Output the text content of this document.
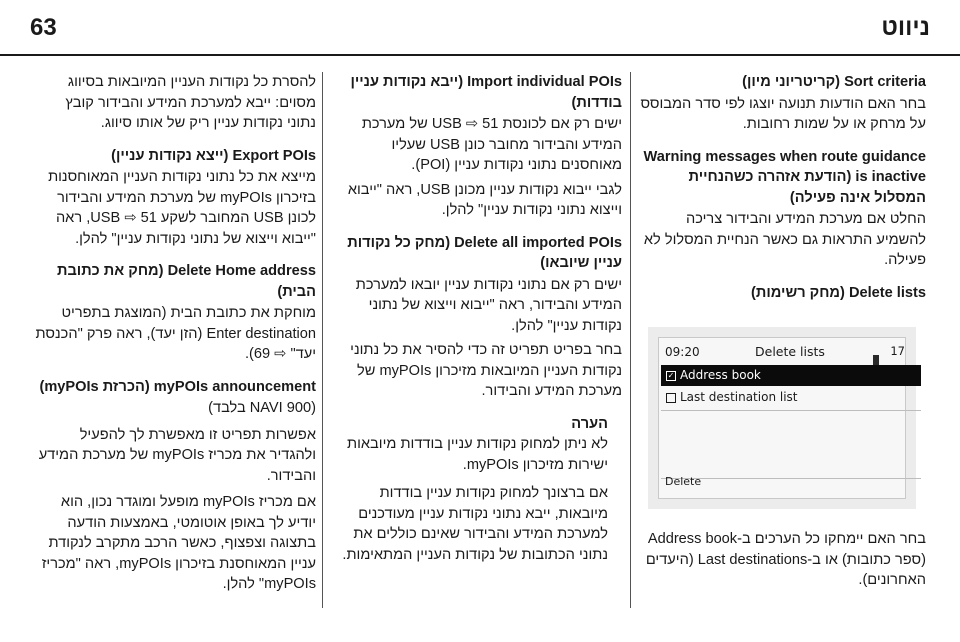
63	ניווט
Sort criteria (קריטריוני מיון)
בחר האם הודעות תנועה יוצגו לפי סדר המבוסס על מרחק או על שמות רחובות.
Warning messages when route guidance is inactive (הודעת אזהרה כשהנחיית המסלול אינה פעילה)
החלט אם מערכת המידע והבידור צריכה להשמיע התראות גם כאשר הנחיית המסלול לא פעילה.
Delete lists (מחק רשימות)
09:20	Delete lists	17
✓ Address book
Last destination list
Delete
בחר האם יימחקו כל הערכים ב-Address book (ספר כתובות) או ב-Last destinations (היעדים האחרונים).
Import individual POIs (ייבא נקודות עניין בודדות)
ישים רק אם לכונסת USB ⇨ 51 של מערכת המידע והבידור מחובר כונן USB שעליו מאוחסנים נתוני נקודות עניין (POI).
לגבי ייבוא נקודות עניין מכונן USB, ראה "ייבוא וייצוא נתוני נקודות עניין" להלן.
Delete all imported POIs (מחק כל נקודות עניין שיובאו)
ישים רק אם נתוני נקודות עניין יובאו למערכת המידע והבידור, ראה "ייבוא וייצוא של נתוני נקודות עניין" להלן.
בחר בפריט תפריט זה כדי להסיר את כל נתוני נקודות העניין המיובאות מזיכרון myPOIs של מערכת המידע והבידור.
הערה
לא ניתן למחוק נקודות עניין בודדות מיובאות ישירות מזיכרון myPOIs.
אם ברצונך למחוק נקודות עניין בודדות מיובאות, ייבא נתוני נקודות עניין מעודכנים למערכת המידע והבידור שאינם כוללים את נתוני הכתובות של נקודות העניין המתאימות.
להסרת כל נקודות העניין המיובאות בסיווג מסוים: ייבא למערכת המידע והבידור קובץ נתוני נקודות עניין ריק של אותו סיווג.
Export POIs (ייצא נקודות עניין)
מייצא את כל נתוני נקודות העניין המאוחסנות בזיכרון myPOIs של מערכת המידע והבידור לכונן USB המחובר לשקע USB ⇨ 51, ראה "ייבוא וייצוא של נתוני נקודות עניין" להלן.
Delete Home address (מחק את כתובת הבית)
מוחקת את כתובת הבית (המוצגת בתפריט Enter destination (הזן יעד), ראה פרק "הכנסת יעד" ⇨ 69).
myPOIs announcement (הכרזת myPOIs)
(NAVI 900 בלבד)
אפשרות תפריט זו מאפשרת לך להפעיל ולהגדיר את מכריז myPOIs של מערכת המידע והבידור.
אם מכריז myPOIs מופעל ומוגדר נכון, הוא יודיע לך באופן אוטומטי, באמצעות הודעה בתצוגה וצפצוף, כאשר הרכב מתקרב לנקודת עניין המאוחסנת בזיכרון myPOIs, ראה "מכריז myPOIs" להלן.
